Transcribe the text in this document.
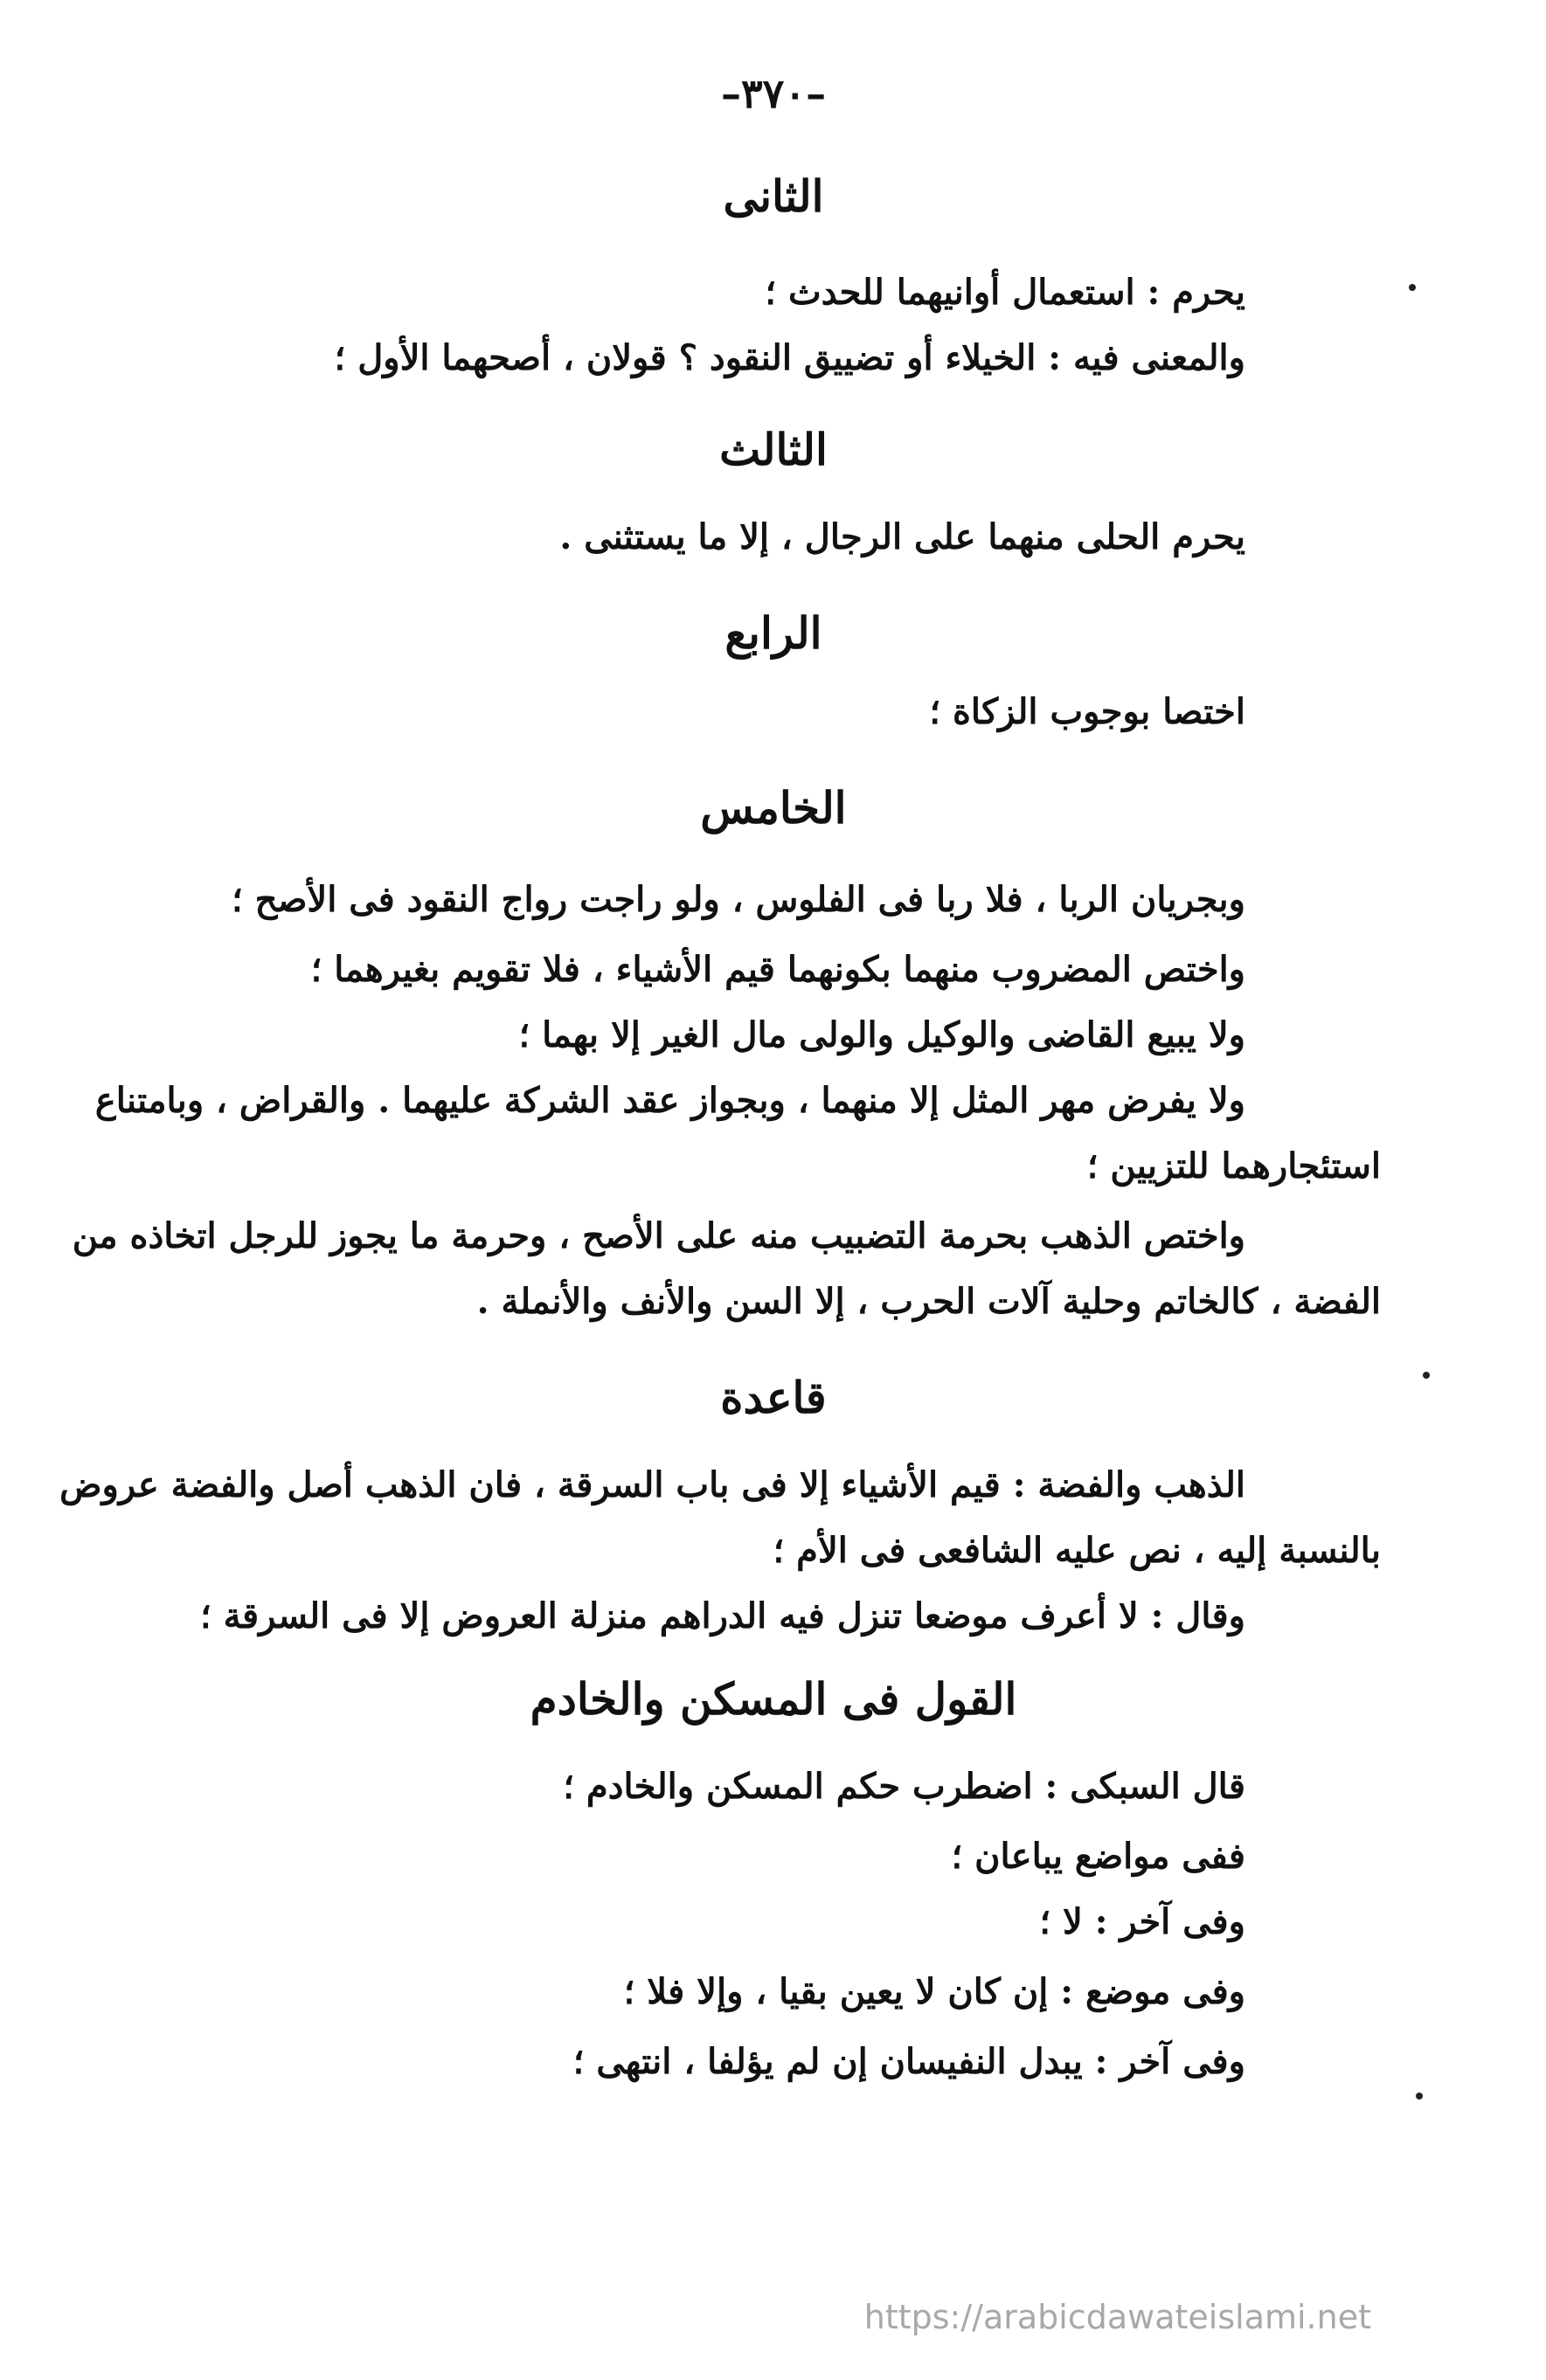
–٣٧٠–
الثانى
يحرم : استعمال أوانيهما للحدث ؛
والمعنى فيه : الخيلاء أو تضييق النقود ؟ قولان ، أصحهما الأول ؛
الثالث
يحرم الحلى منهما على الرجال ، إلا ما يستثنى .
الرابع
اختصا بوجوب الزكاة ؛
الخامس
وبجريان الربا ، فلا ربا فى الفلوس ، ولو راجت رواج النقود فى الأصح ؛
واختص المضروب منهما بكونهما قيم الأشياء ، فلا تقويم بغيرهما ؛
ولا يبيع القاضى والوكيل والولى مال الغير إلا بهما ؛
ولا يفرض مهر المثل إلا منهما ، وبجواز عقد الشركة عليهما . والقراض ، وبامتناع
استئجارهما للتزيين ؛
واختص الذهب بحرمة التضبيب منه على الأصح ، وحرمة ما يجوز للرجل اتخاذه من
الفضة ، كالخاتم وحلية آلات الحرب ، إلا السن والأنف والأنملة .
قاعدة
الذهب والفضة : قيم الأشياء إلا فى باب السرقة ، فان الذهب أصل والفضة عروض
بالنسبة إليه ، نص عليه الشافعى فى الأم ؛
وقال : لا أعرف موضعا تنزل فيه الدراهم منزلة العروض إلا فى السرقة ؛
القول فى المسكن والخادم
قال السبكى : اضطرب حكم المسكن والخادم ؛
ففى مواضع يباعان ؛
وفى آخر : لا ؛
وفى موضع : إن كان لا يعين بقيا ، وإلا فلا ؛
وفى آخر : يبدل النفيسان إن لم يؤلفا ، انتهى ؛
https://arabicdawateislami.net
